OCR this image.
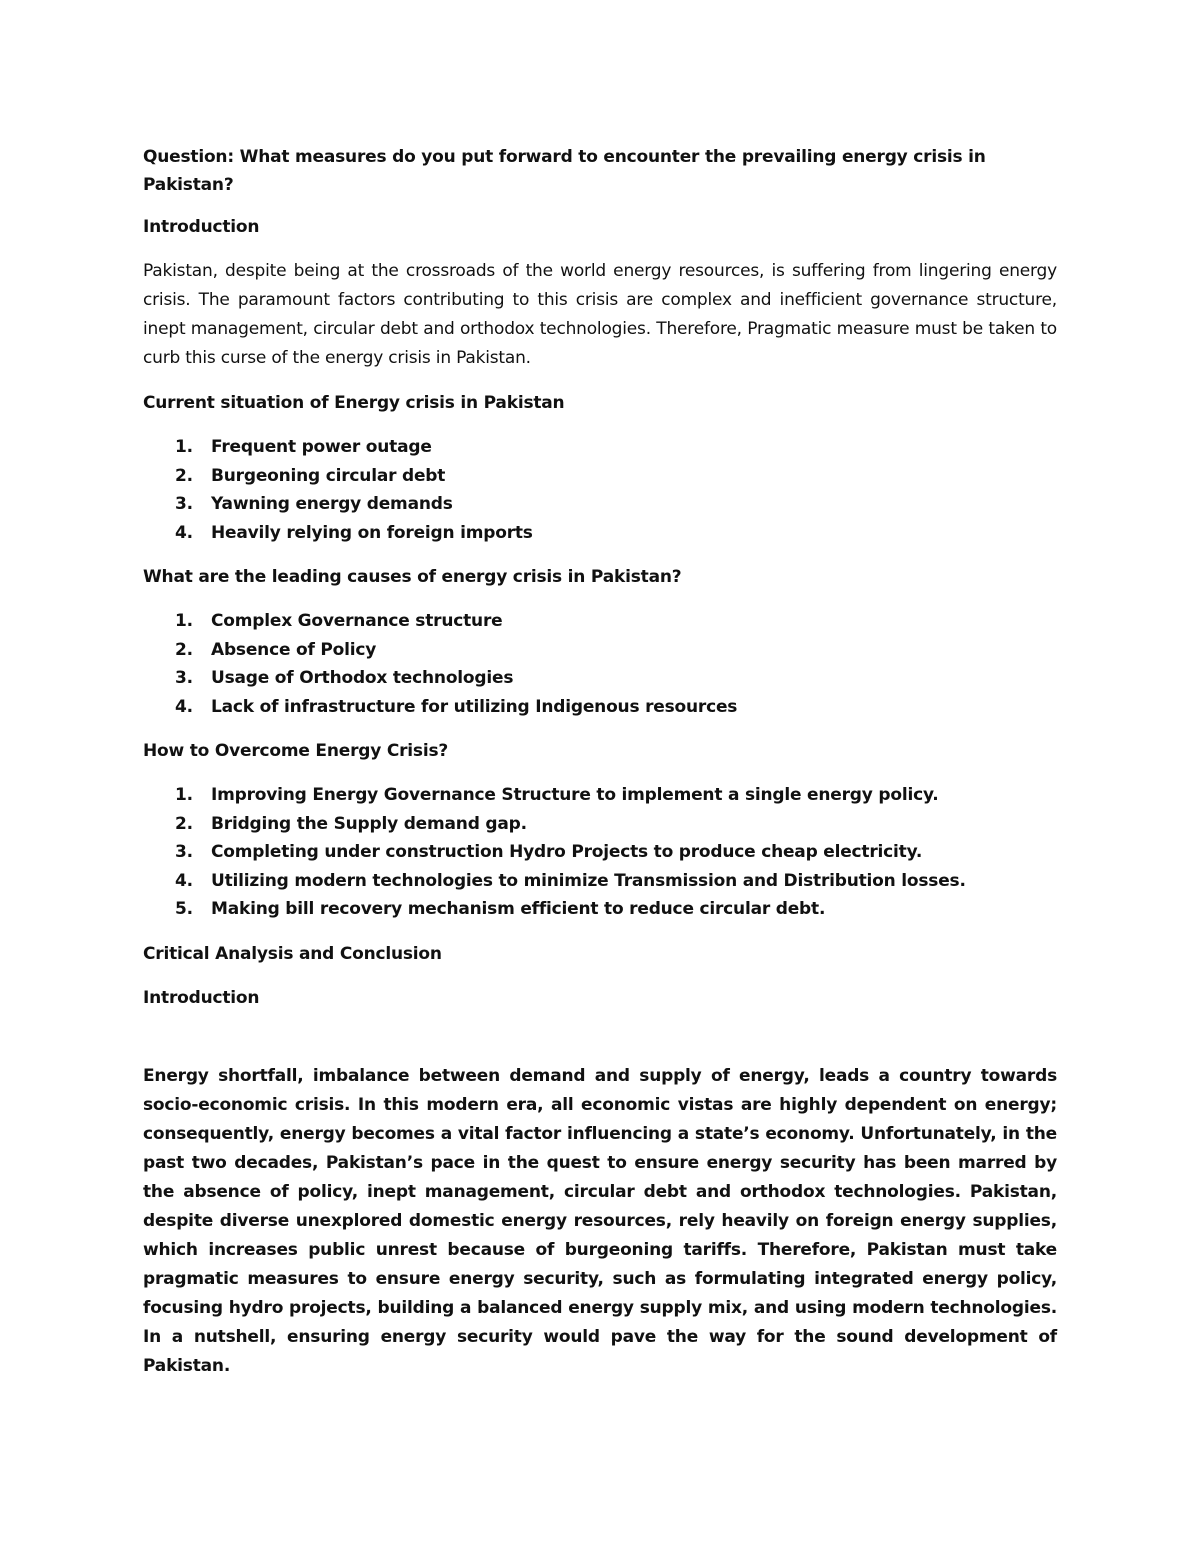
Question: What measures do you put forward to encounter the prevailing energy crisis in Pakistan?
Introduction

Pakistan, despite being at the crossroads of the world energy resources, is suffering from lingering energy crisis. The paramount factors contributing to this crisis are complex and inefficient governance structure, inept management, circular debt and orthodox technologies. Therefore, Pragmatic measure must be taken to curb this curse of the energy crisis in Pakistan.

Current situation of Energy crisis in Pakistan
1. Frequent power outage
2. Burgeoning circular debt
3. Yawning energy demands
4. Heavily relying on foreign imports
What are the leading causes of energy crisis in Pakistan?
1. Complex Governance structure
2. Absence of Policy
3. Usage of Orthodox technologies
4. Lack of infrastructure for utilizing Indigenous resources
How to Overcome Energy Crisis?
1. Improving Energy Governance Structure to implement a single energy policy.
2. Bridging the Supply demand gap.
3. Completing under construction Hydro Projects to produce cheap electricity.
4. Utilizing modern technologies to minimize Transmission and Distribution losses.
5. Making bill recovery mechanism efficient to reduce circular debt.
Critical Analysis and Conclusion
Introduction

Energy shortfall, imbalance between demand and supply of energy, leads a country towards socio-economic crisis. In this modern era, all economic vistas are highly dependent on energy; consequently, energy becomes a vital factor influencing a state’s economy. Unfortunately, in the past two decades, Pakistan’s pace in the quest to ensure energy security has been marred by the absence of policy, inept management, circular debt and orthodox technologies. Pakistan, despite diverse unexplored domestic energy resources, rely heavily on foreign energy supplies, which increases public unrest because of burgeoning tariffs. Therefore, Pakistan must take pragmatic measures to ensure energy security, such as formulating integrated energy policy, focusing hydro projects, building a balanced energy supply mix, and using modern technologies. In a nutshell, ensuring energy security would pave the way for the sound development of Pakistan.
